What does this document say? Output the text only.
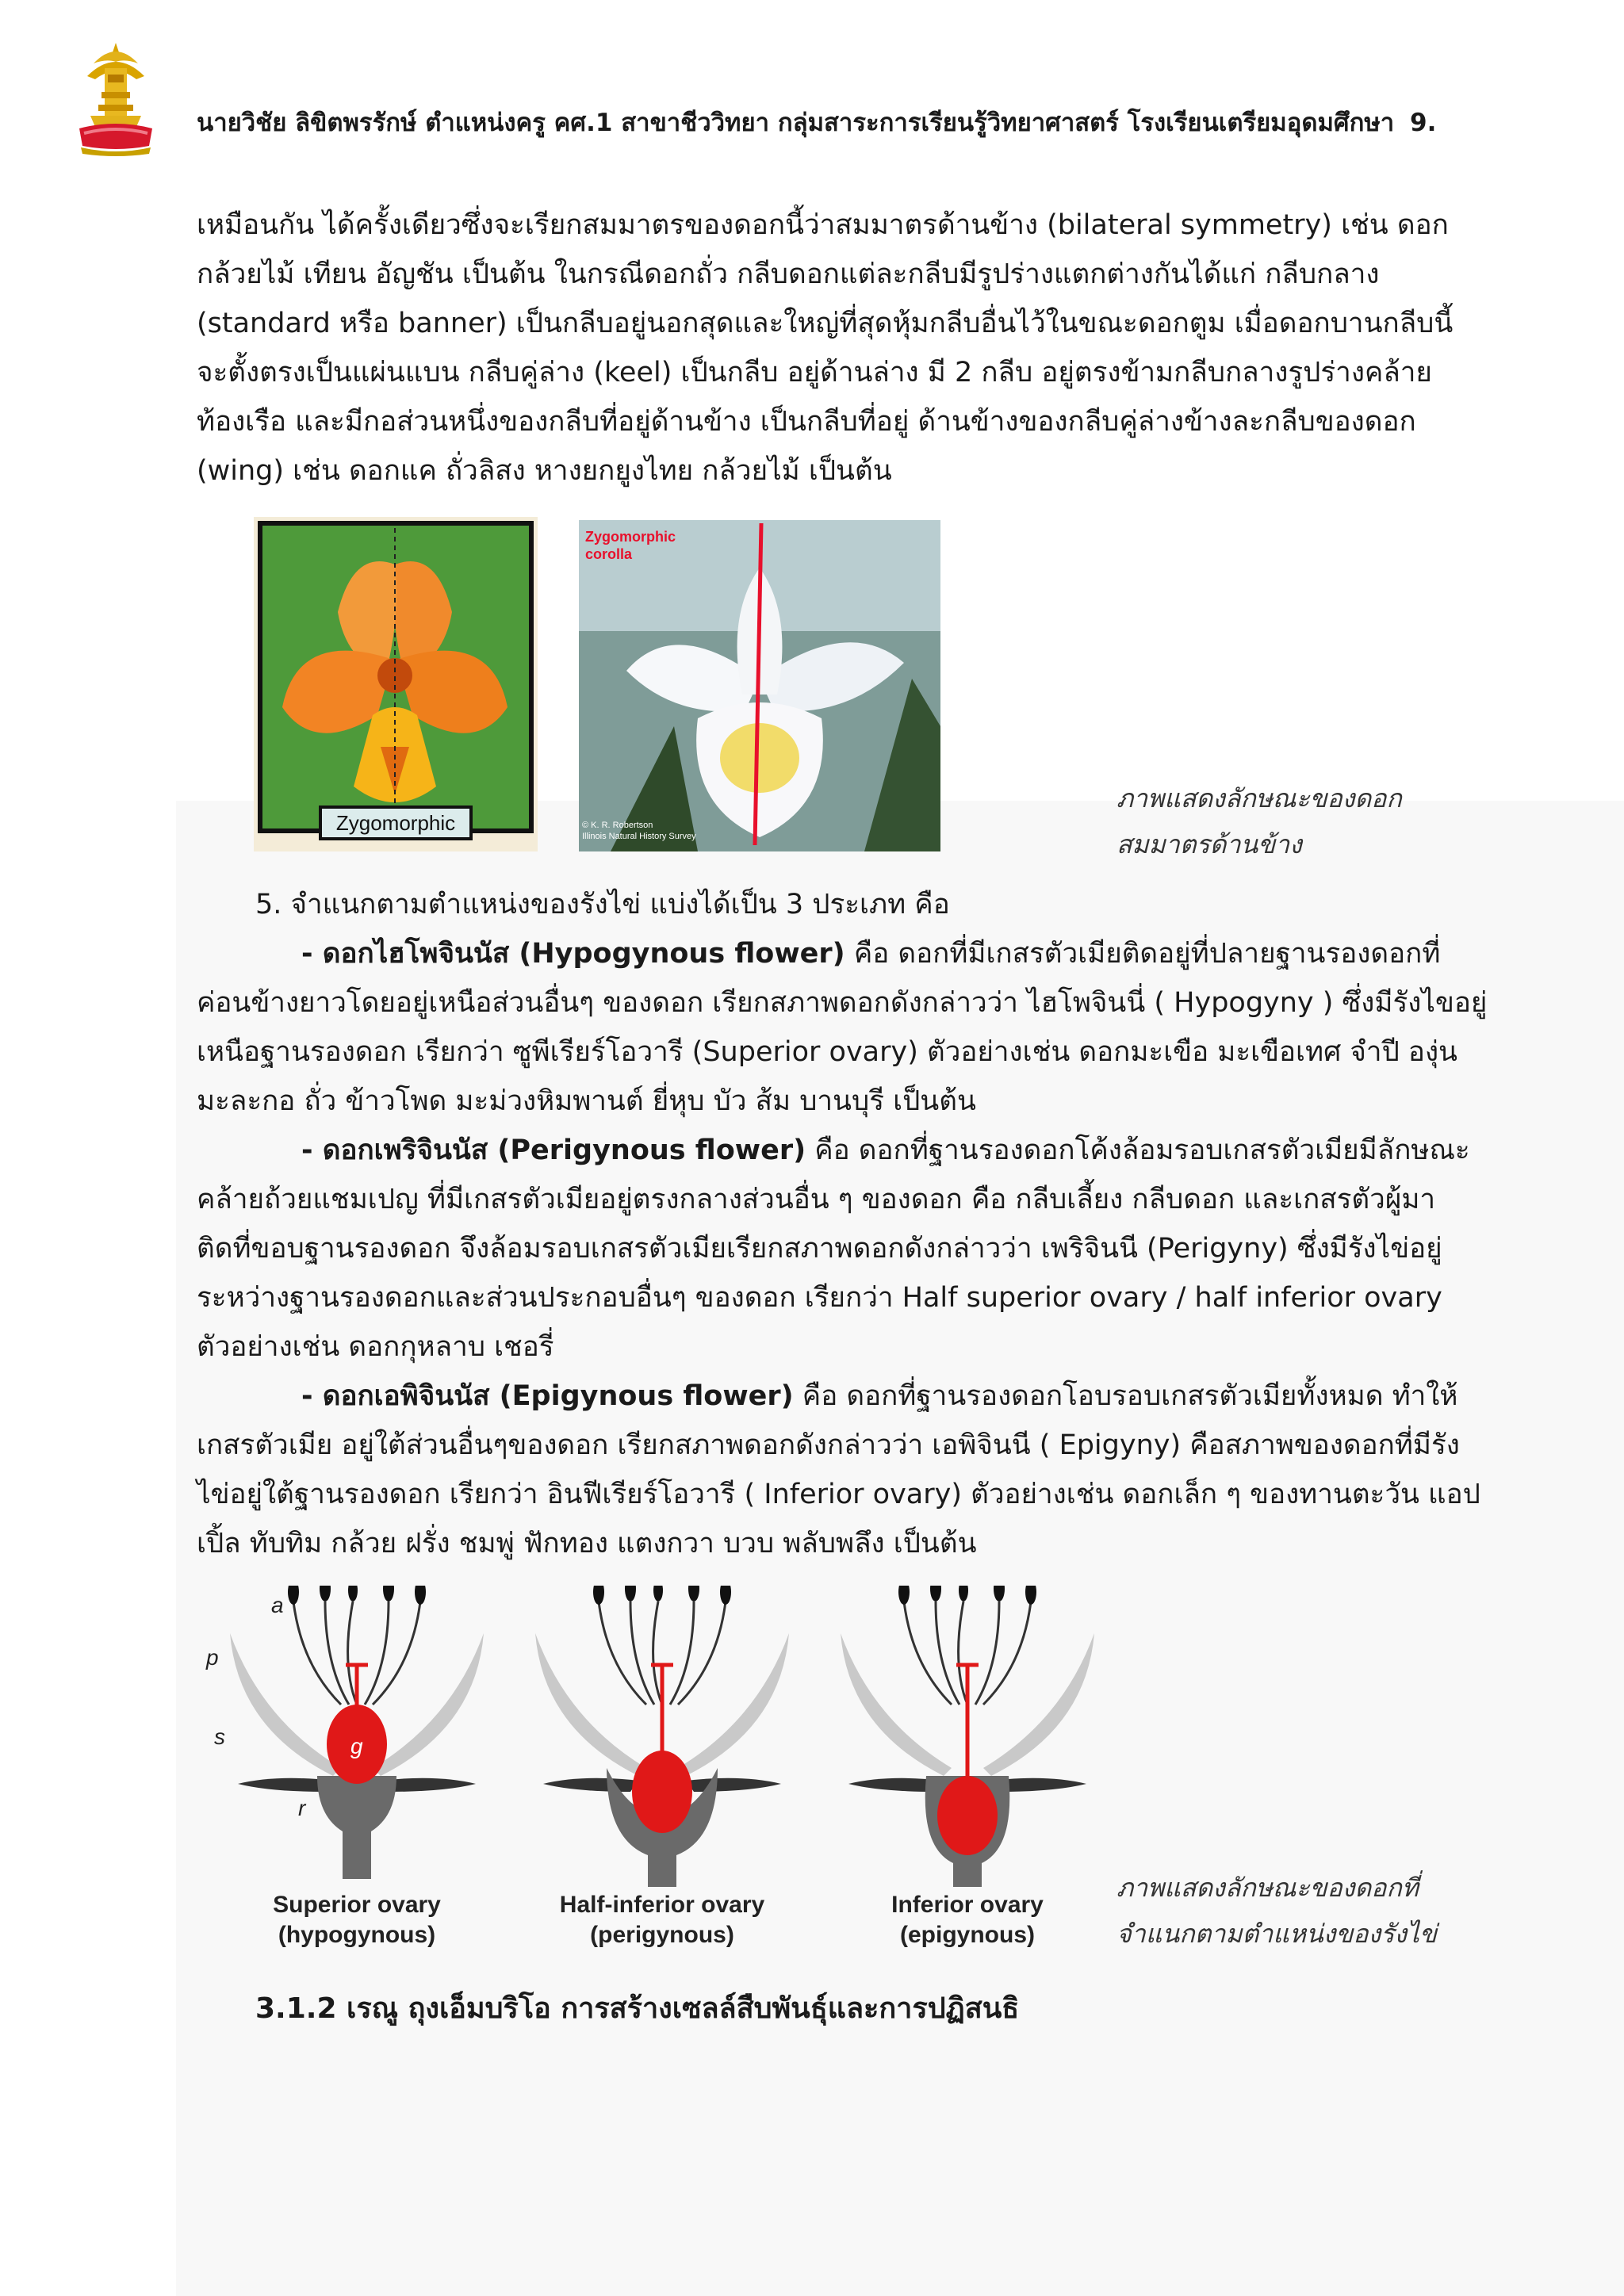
นายวิชัย ลิขิตพรรักษ์ ตำแหน่งครู คศ.1 สาขาชีววิทยา กลุ่มสาระการเรียนรู้วิทยาศาสตร์ โรงเรียนเตรียมอุดมศึกษา 9.
เหมือนกัน ได้ครั้งเดียวซึ่งจะเรียกสมมาตรของดอกนี้ว่าสมมาตรด้านข้าง (bilateral symmetry) เช่น ดอก
กล้วยไม้ เทียน อัญชัน เป็นต้น ในกรณีดอกถั่ว กลีบดอกแต่ละกลีบมีรูปร่างแตกต่างกันได้แก่ กลีบกลาง
(standard หรือ banner) เป็นกลีบอยู่นอกสุดและใหญ่ที่สุดหุ้มกลีบอื่นไว้ในขณะดอกตูม เมื่อดอกบานกลีบนี้
จะตั้งตรงเป็นแผ่นแบน กลีบคู่ล่าง (keel) เป็นกลีบ อยู่ด้านล่าง มี 2 กลีบ อยู่ตรงข้ามกลีบกลางรูปร่างคล้าย
ท้องเรือ และมีกอส่วนหนึ่งของกลีบที่อยู่ด้านข้าง เป็นกลีบที่อยู่ ด้านข้างของกลีบคู่ล่างข้างละกลีบของดอก
(wing) เช่น ดอกแค ถั่วลิสง หางยกยูงไทย กล้วยไม้ เป็นต้น
Zygomorphic
Zygomorphic
corolla
© K. R. Robertson
Illinois Natural History Survey
ภาพแสดงลักษณะของดอก
สมมาตรด้านข้าง
5. จำแนกตามตำแหน่งของรังไข่ แบ่งได้เป็น 3 ประเภท คือ
- ดอกไฮโพจินนัส (Hypogynous flower) คือ ดอกที่มีเกสรตัวเมียติดอยู่ที่ปลายฐานรองดอกที่
ค่อนข้างยาวโดยอยู่เหนือส่วนอื่นๆ ของดอก เรียกสภาพดอกดังกล่าวว่า ไฮโพจินนี่ ( Hypogyny ) ซึ่งมีรังไขอยู่
เหนือฐานรองดอก เรียกว่า ซูพีเรียร์โอวารี (Superior ovary) ตัวอย่างเช่น ดอกมะเขือ มะเขือเทศ จำปี องุ่น
มะละกอ ถั่ว ข้าวโพด มะม่วงหิมพานต์ ยี่หุบ บัว ส้ม บานบุรี เป็นต้น
- ดอกเพริจินนัส (Perigynous flower) คือ ดอกที่ฐานรองดอกโค้งล้อมรอบเกสรตัวเมียมีลักษณะ
คล้ายถ้วยแชมเปญ ที่มีเกสรตัวเมียอยู่ตรงกลางส่วนอื่น ๆ ของดอก คือ กลีบเลี้ยง กลีบดอก และเกสรตัวผู้มา
ติดที่ขอบฐานรองดอก จึงล้อมรอบเกสรตัวเมียเรียกสภาพดอกดังกล่าวว่า เพริจินนี (Perigyny) ซึ่งมีรังไข่อยู่
ระหว่างฐานรองดอกและส่วนประกอบอื่นๆ ของดอก เรียกว่า Half superior ovary / half inferior ovary
ตัวอย่างเช่น ดอกกุหลาบ เชอรี่
- ดอกเอพิจินนัส (Epigynous flower) คือ ดอกที่ฐานรองดอกโอบรอบเกสรตัวเมียทั้งหมด ทำให้
เกสรตัวเมีย อยู่ใต้ส่วนอื่นๆของดอก เรียกสภาพดอกดังกล่าวว่า เอพิจินนี ( Epigyny) คือสภาพของดอกที่มีรัง
ไข่อยู่ใต้ฐานรองดอก เรียกว่า อินฟีเรียร์โอวารี ( Inferior ovary) ตัวอย่างเช่น ดอกเล็ก ๆ ของทานตะวัน แอป
เปิ้ล ทับทิม กล้วย ฝรั่ง ชมพู่ ฟักทอง แตงกวา บวบ พลับพลึง เป็นต้น
a
p
s
r
g
Superior ovary
(hypogynous)
Half-inferior ovary
(perigynous)
Inferior ovary
(epigynous)
ภาพแสดงลักษณะของดอกที่
จำแนกตามตำแหน่งของรังไข่
3.1.2 เรณู ถุงเอ็มบริโอ การสร้างเซลล์สืบพันธุ์และการปฏิสนธิ
